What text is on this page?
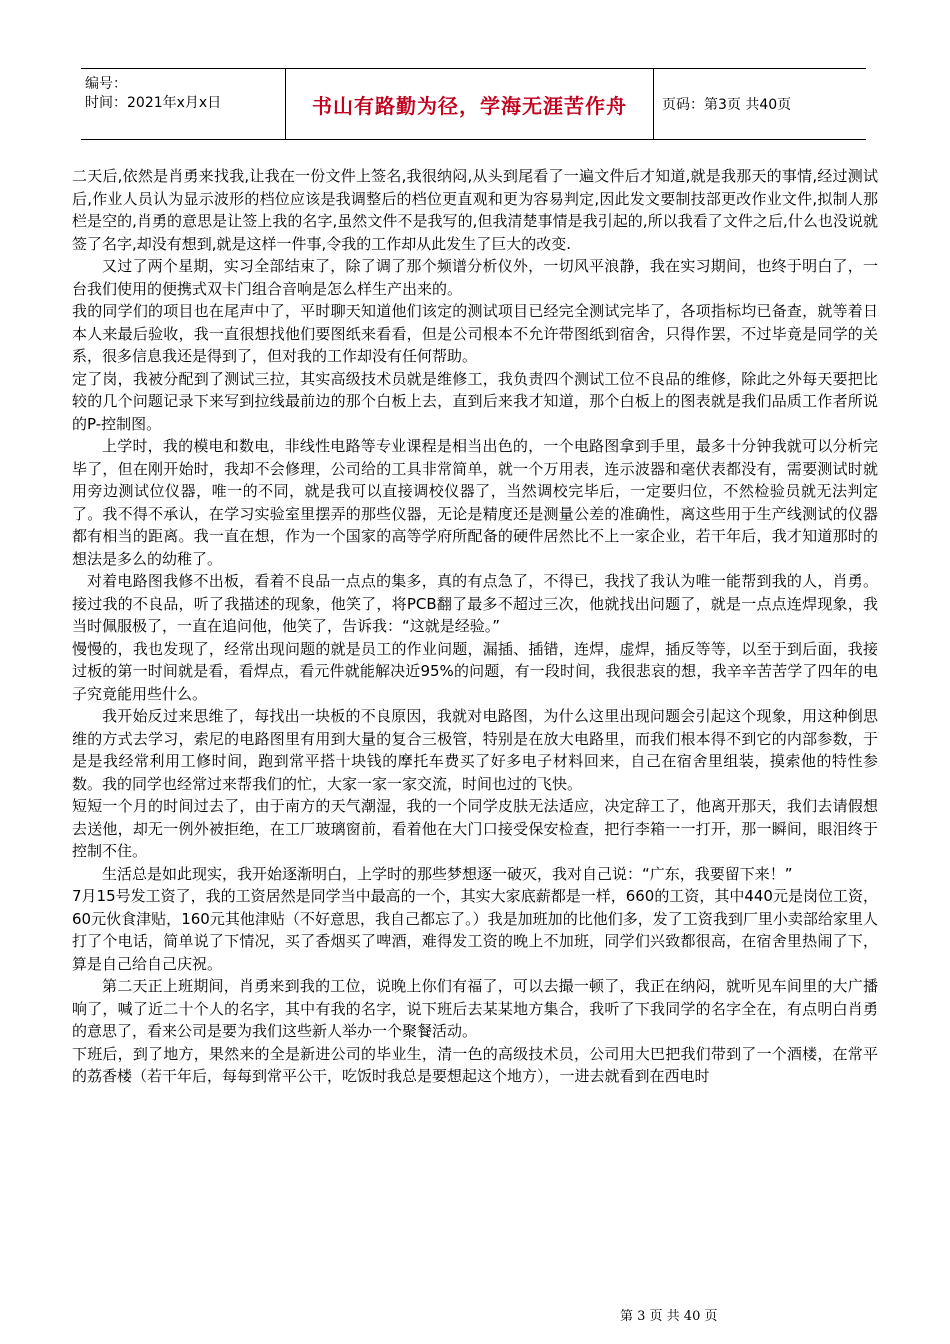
编号：
时间：2021年x月x日	书山有路勤为径，学海无涯苦作舟	页码：第3页 共40页

二天后,依然是肖勇来找我,让我在一份文件上签名,我很纳闷,从头到尾看了一遍文件后才知道,就是我那天的事情,经过测试后,作业人员认为显示波形的档位应该是我调整后的档位更直观和更为容易判定,因此发文要制技部更改作业文件,拟制人那栏是空的,肖勇的意思是让签上我的名字,虽然文件不是我写的,但我清楚事情是我引起的,所以我看了文件之后,什么也没说就签了名字,却没有想到,就是这样一件事,令我的工作却从此发生了巨大的改变.

又过了两个星期，实习全部结束了，除了调了那个频谱分析仪外，一切风平浪静，我在实习期间，也终于明白了，一台我们使用的便携式双卡门组合音响是怎么样生产出来的。

我的同学们的项目也在尾声中了，平时聊天知道他们该定的测试项目已经完全测试完毕了，各项指标均已备查，就等着日本人来最后验收，我一直很想找他们要图纸来看看，但是公司根本不允许带图纸到宿舍，只得作罢，不过毕竟是同学的关系，很多信息我还是得到了，但对我的工作却没有任何帮助。

定了岗，我被分配到了测试三拉，其实高级技术员就是维修工，我负责四个测试工位不良品的维修，除此之外每天要把比较的几个问题记录下来写到拉线最前边的那个白板上去，直到后来我才知道，那个白板上的图表就是我们品质工作者所说的P-控制图。

上学时，我的模电和数电，非线性电路等专业课程是相当出色的，一个电路图拿到手里，最多十分钟我就可以分析完毕了，但在刚开始时，我却不会修理，公司给的工具非常简单，就一个万用表，连示波器和毫伏表都没有，需要测试时就用旁边测试位仪器，唯一的不同，就是我可以直接调校仪器了，当然调校完毕后，一定要归位，不然检验员就无法判定了。我不得不承认，在学习实验室里摆弄的那些仪器，无论是精度还是测量公差的准确性，离这些用于生产线测试的仪器都有相当的距离。我一直在想，作为一个国家的高等学府所配备的硬件居然比不上一家企业，若干年后，我才知道那时的想法是多么的幼稚了。

对着电路图我修不出板，看着不良品一点点的集多，真的有点急了，不得已，我找了我认为唯一能帮到我的人，肖勇。接过我的不良品，听了我描述的现象，他笑了，将PCB翻了最多不超过三次，他就找出问题了，就是一点点连焊现象，我当时佩服极了，一直在追问他，他笑了，告诉我：“这就是经验。”

慢慢的，我也发现了，经常出现问题的就是员工的作业问题，漏插、插错，连焊，虚焊，插反等等，以至于到后面，我接过板的第一时间就是看，看焊点，看元件就能解决近95%的问题，有一段时间，我很悲哀的想，我辛辛苦苦学了四年的电子究竟能用些什么。

我开始反过来思维了，每找出一块板的不良原因，我就对电路图，为什么这里出现问题会引起这个现象，用这种倒思维的方式去学习，索尼的电路图里有用到大量的复合三极管，特别是在放大电路里，而我们根本得不到它的内部参数，于是是我经常利用工修时间，跑到常平搭十块钱的摩托车费买了好多电子材料回来，自己在宿舍里组装，摸索他的特性参数。我的同学也经常过来帮我们的忙，大家一家一家交流，时间也过的飞快。

短短一个月的时间过去了，由于南方的天气潮湿，我的一个同学皮肤无法适应，决定辞工了，他离开那天，我们去请假想去送他，却无一例外被拒绝，在工厂玻璃窗前，看着他在大门口接受保安检查，把行李箱一一打开，那一瞬间，眼泪终于控制不住。

生活总是如此现实，我开始逐渐明白，上学时的那些梦想逐一破灭，我对自己说：“广东，我要留下来！”

7月15号发工资了，我的工资居然是同学当中最高的一个，其实大家底薪都是一样，660的工资，其中440元是岗位工资，60元伙食津贴，160元其他津贴（不好意思，我自己都忘了。）我是加班加的比他们多，发了工资我到厂里小卖部给家里人打了个电话，简单说了下情况，买了香烟买了啤酒，难得发工资的晚上不加班，同学们兴致都很高，在宿舍里热闹了下，算是自己给自己庆祝。

第二天正上班期间，肖勇来到我的工位，说晚上你们有福了，可以去撮一顿了，我正在纳闷，就听见车间里的大广播响了，喊了近二十个人的名字，其中有我的名字，说下班后去某某地方集合，我听了下我同学的名字全在，有点明白肖勇的意思了，看来公司是要为我们这些新人举办一个聚餐活动。

下班后，到了地方，果然来的全是新进公司的毕业生，清一色的高级技术员，公司用大巴把我们带到了一个酒楼，在常平的荔香楼（若干年后，每每到常平公干，吃饭时我总是要想起这个地方），一进去就看到在西电时

第 3 页 共 40 页
